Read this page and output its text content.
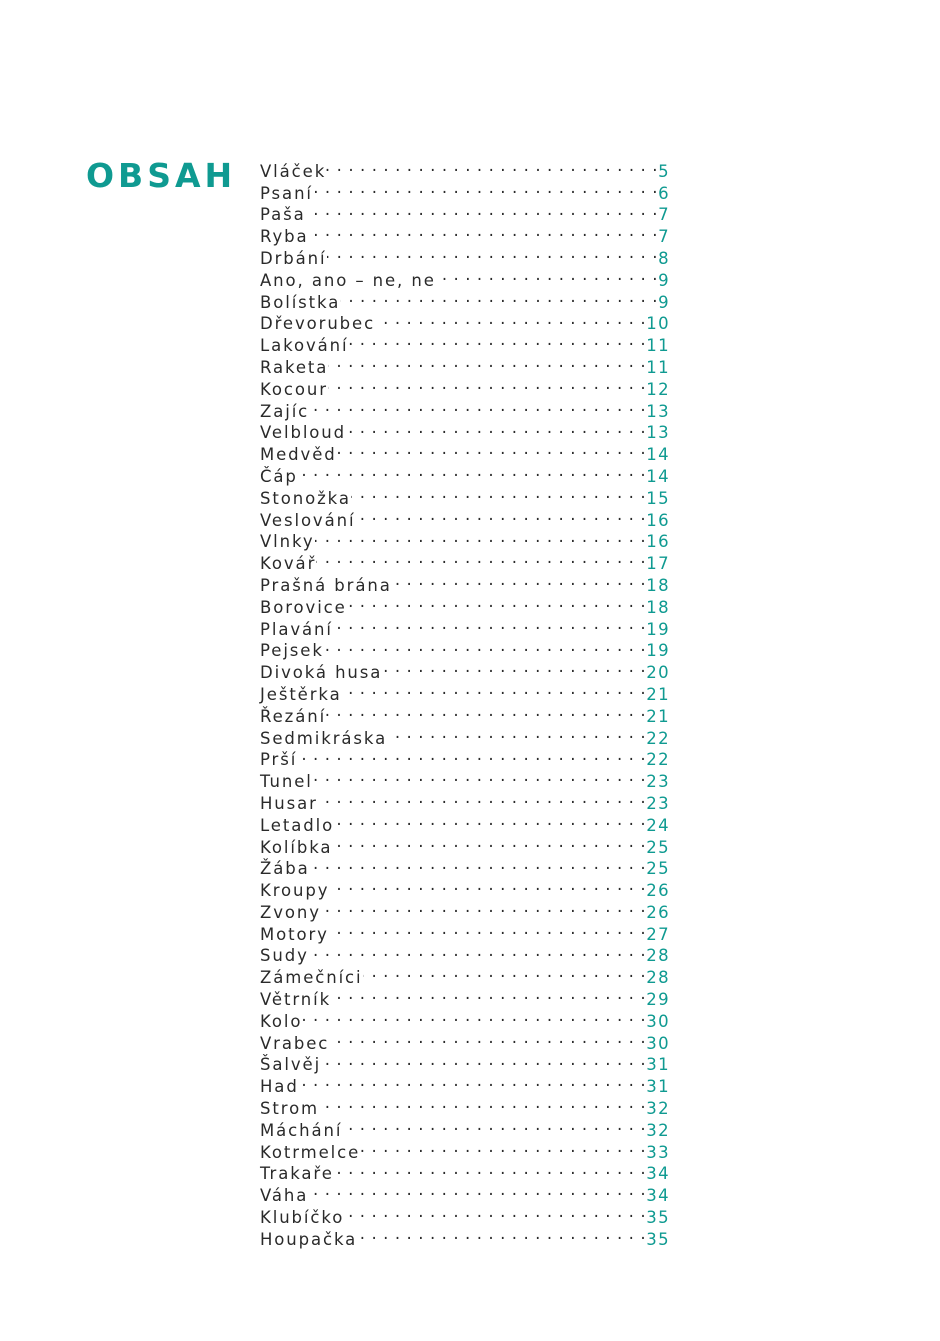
OBSAH Vláček . . .	5
Psaní . . .	6
Paša . . .	7
Ryba . . .	7
Drbání . . .	8
Ano, ano – ne, ne . . .	9
Bolístka . . .	9
Dřevorubec . . .	10
Lakování . . .	11
Raketa . . .	11
Kocour . . .	12
Zajíc . . .	13
Velbloud . . .	13
Medvěd . . .	14
Čáp . . .	14
Stonožka . . .	15
Veslování . . .	16
Vlnky . . .	16
Kovář . . .	17
Prašná brána . . .	18
Borovice . . .	18
Plavání . . .	19
Pejsek . . .	19
Divoká husa . . .	20
Ještěrka . . .	21
Řezání . . .	21
Sedmikráska . . .	22
Prší . . .	22
Tunel . . .	23
Husar . . .	23
Letadlo . . .	24
Kolíbka . . .	25
Žába . . .	25
Kroupy . . .	26
Zvony . . .	26
Motory . . .	27
Sudy . . .	28
Zámečníci . . .	28
Větrník . . .	29
Kolo . . .	30
Vrabec . . .	30
Šalvěj . . .	31
Had . . .	31
Strom . . .	32
Máchání . . .	32
Kotrmelce . . .	33
Trakaře . . .	34
Váha . . .	34
Klubíčko . . .	35
Houpačka . . .	35
